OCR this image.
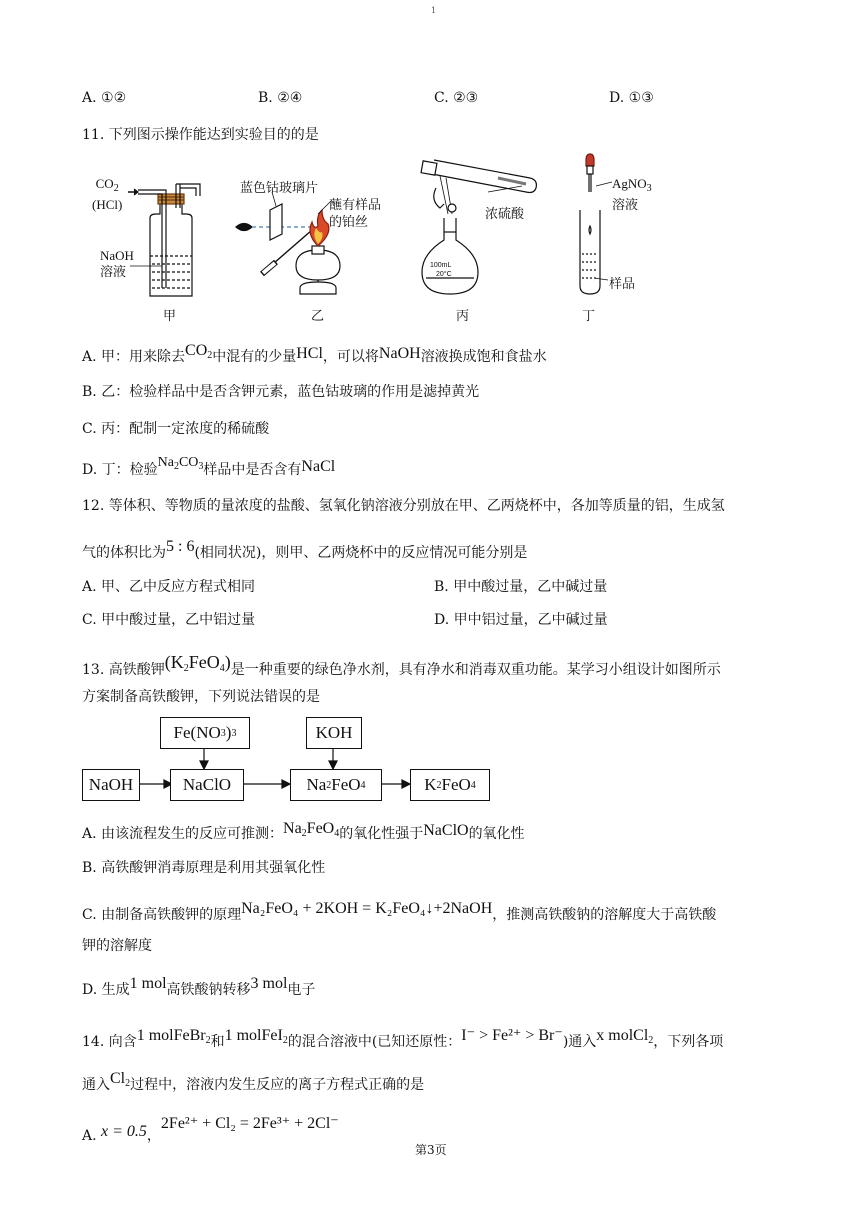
1
A. ①②	B. ②④	C. ②③	D. ①③
11. 下列图示操作能达到实验目的的是
$CO_2$
(HCl)
NaOH
溶液
蓝色钴玻璃片
蘸有样品
的铂丝
浓硫酸
100mL
20°C
AgNO$_3$
溶液
样品
甲	乙	丙	丁
A. 甲：用来除去$CO_2$中混有的少量HCl，可以将NaOH溶液换成饱和食盐水
B. 乙：检验样品中是否含钾元素，蓝色钴玻璃的作用是滤掉黄光
C. 丙：配制一定浓度的稀硫酸
D. 丁：检验$Na_2CO_3$样品中是否含有NaCl
12. 等体积、等物质的量浓度的盐酸、氢氧化钠溶液分别放在甲、乙两烧杯中，各加等质量的铝，生成氢
气的体积比为5 : 6(相同状况)，则甲、乙两烧杯中的反应情况可能分别是
A. 甲、乙中反应方程式相同	B. 甲中酸过量，乙中碱过量
C. 甲中酸过量，乙中铝过量	D. 甲中铝过量，乙中碱过量
13. 高铁酸钾$(K_2FeO_4)$是一种重要的绿色净水剂，具有净水和消毒双重功能。某学习小组设计如图所示
方案制备高铁酸钾，下列说法错误的是
Fe(NO 3 ) 3	KOH
NaOH	NaClO	Na 2 FeO 4	K 2 FeO 4
A. 由该流程发生的反应可推测：$Na_2FeO_4$的氧化性强于NaClO的氧化性
B. 高铁酸钾消毒原理是利用其强氧化性
C. 由制备高铁酸钾的原理Na₂FeO₄ + 2KOH = K₂FeO₄↓+2NaOH，推测高铁酸钠的溶解度大于高铁酸
钾的溶解度
D. 生成1 mol高铁酸钠转移3 mol电子
14. 向含1 molFeBr$_2$和1 molFeI$_2$的混合溶液中(已知还原性：I⁻ > Fe²⁺ > Br⁻)通入x molCl$_2$，下列各项
通入$Cl_2$过程中，溶液内发生反应的离子方程式正确的是
A. x = 0.5，2Fe²⁺ + Cl₂ = 2Fe³⁺ + 2Cl⁻
第3页
